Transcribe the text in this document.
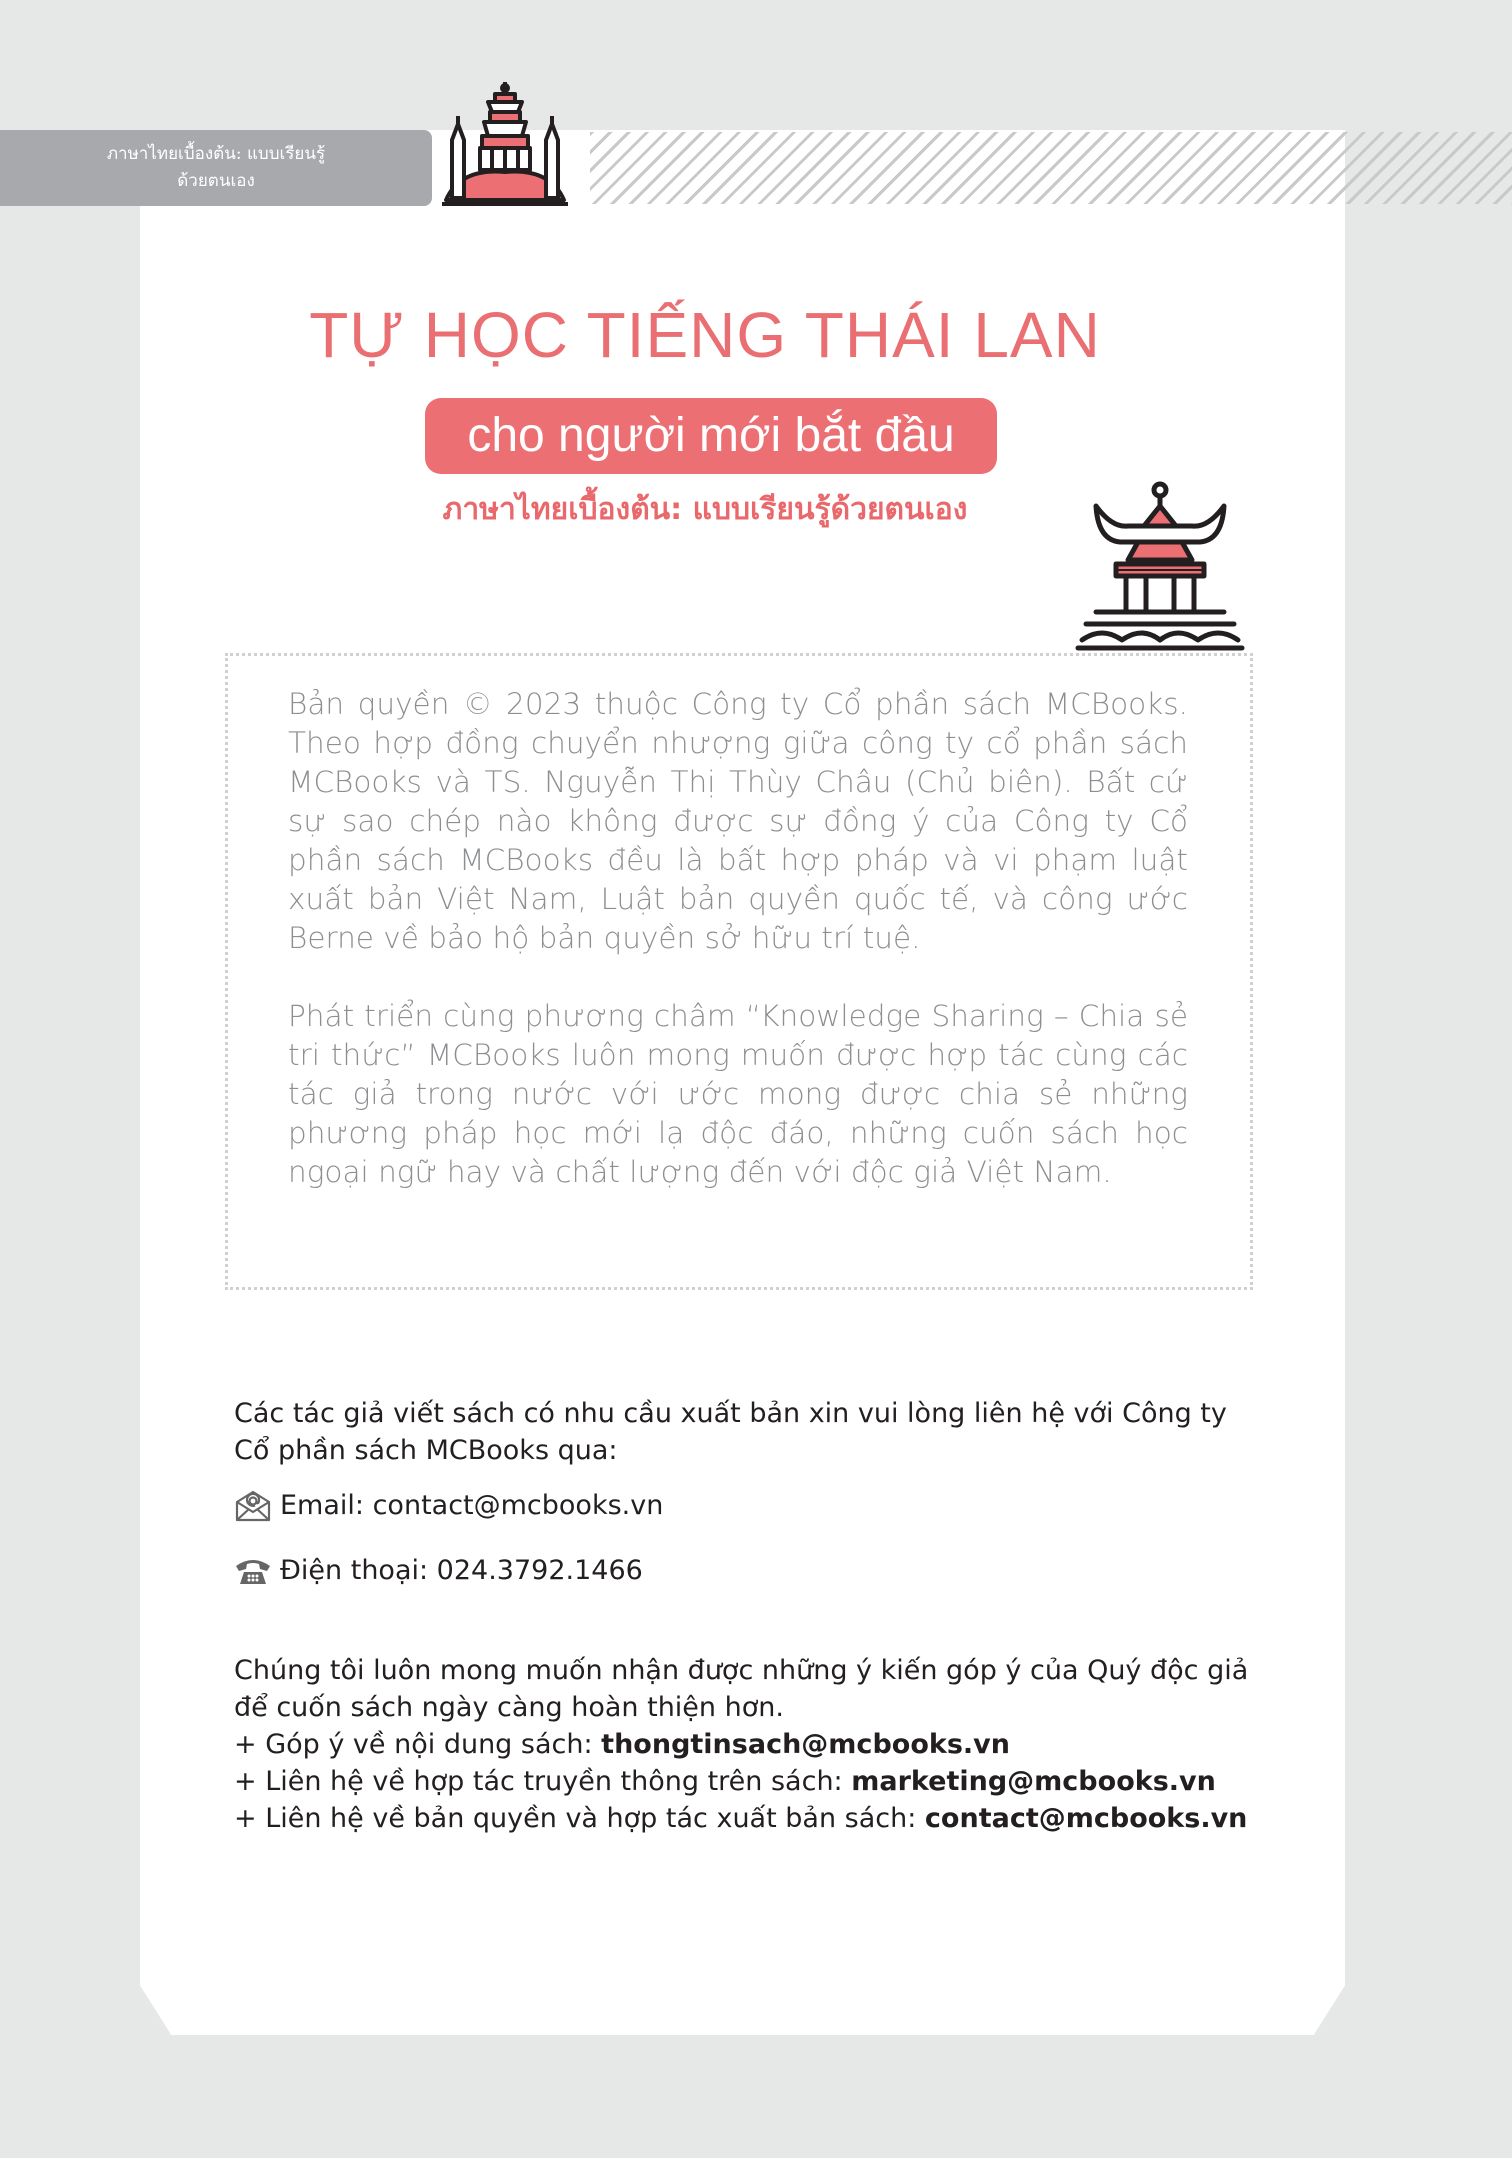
ภาษาไทยเบื้องต้น: แบบเรียนรู้
ด้วยตนเอง
TỰ HỌC TIẾNG THÁI LAN
cho người mới bắt đầu
ภาษาไทยเบื้องต้น: แบบเรียนรู้ด้วยตนเอง

Bản quyền © 2023 thuộc Công ty Cổ phần sách MCBooks. Theo hợp đồng chuyển nhượng giữa công ty cổ phần sách MCBooks và TS. Nguyễn Thị Thùy Châu (Chủ biên). Bất cứ sự sao chép nào không được sự đồng ý của Công ty Cổ phần sách MCBooks đều là bất hợp pháp và vi phạm luật xuất bản Việt Nam, Luật bản quyền quốc tế, và công ước Berne về bảo hộ bản quyền sở hữu trí tuệ.

Phát triển cùng phương châm “Knowledge Sharing – Chia sẻ tri thức” MCBooks luôn mong muốn được hợp tác cùng các tác giả trong nước với ước mong được chia sẻ những phương pháp học mới lạ độc đáo, những cuốn sách học ngoại ngữ hay và chất lượng đến với độc giả Việt Nam.

Các tác giả viết sách có nhu cầu xuất bản xin vui lòng liên hệ với Công ty Cổ phần sách MCBooks qua:
Email: contact@mcbooks.vn
Điện thoại: 024.3792.1466
Chúng tôi luôn mong muốn nhận được những ý kiến góp ý của Quý độc giả để cuốn sách ngày càng hoàn thiện hơn.
+ Góp ý về nội dung sách: thongtinsach@mcbooks.vn
+ Liên hệ về hợp tác truyền thông trên sách: marketing@mcbooks.vn
+ Liên hệ về bản quyền và hợp tác xuất bản sách: contact@mcbooks.vn
